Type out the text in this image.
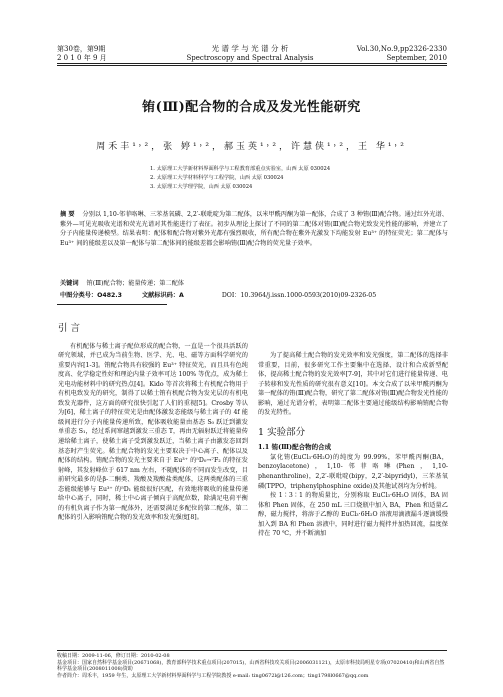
第30卷，第9期
2 0 1 0 年 9 月
光 谱 学 与 光 谱 分 析
Spectroscopy and Spectral Analysis
Vol.30,No.9,pp2326-2330
September, 2010
铕(Ⅲ)配合物的合成及发光性能研究
周禾丰¹˒²，张 婷¹˒²，郝玉英¹˒²，许慧侠¹˒²，王 华¹˒²
1. 太原理工大学新材料界面科学与工程教育部重点实验室，山西 太原 030024
2. 太原理工大学材料科学与工程学院，山西 太原 030024
3. 太原理工大学理学院，山西 太原 030024
摘 要 分别以 1,10-邻菲咯啉、三苯基氧磷、2,2′-联吡啶为第二配体，以米甲酰丙酮为第一配体，合成了 3 种铕(Ⅲ)配合物。通过红外光谱、紫外—可见光吸收光谱和荧光光谱对其性能进行了表征。初步从理论上探讨了不同的第二配体对铕(Ⅲ)配合物光致发光性能的影响，并建立了分子内能量传递模型。结果表明：配体和配合物对紫外光都有强烈吸收，所有配合物在紫外光激发下均能发射 Eu³⁺ 的特征荧光；第二配体与 Eu³⁺ 间的能级差以及第一配体与第二配体间的能级差都会影响铕(Ⅲ)配合物的荧光量子效率。
关键词 铕(Ⅲ)配合物；能量传递；第二配体
中图分类号：O482.3	文献标识码：A	DOI：10.3964/j.issn.1000-0593(2010)09-2326-05
引 言
有机配体与稀土离子配位形成的配合物，一直是一个很具活跃的研究领域，并已成为当前生物、医学、光、电、磁等方面科学研究的重要内容[1-3]。铕配合物具有较强的 Eu³⁺ 特征荧光，而且具有色纯度高、化学稳定性好和理论内量子效率可达 100% 等优点，成为稀土光电功能材料中的研究热点[4]。Kido 等首次将稀土有机配合物用于有机电致发光的研究，制得了以稀土铕有机配合物为发光层的有机电致发光器件，这方面的研究很快引起了人们的重视[5]。Crosby 等认为[6]，稀土离子的特征荧光是由配体激发态能级与稀土离子的 4f 能级间进行分子内能量传递所致，配体吸收能量由基态 S₀ 跃迁到激发单重态 S₁，经过系间窜越到激发三重态 T，再由无辐射跃迁将能量传递给稀土离子，使稀土离子受到激发跃迁，当稀土离子由激发态回到基态时产生荧光。稀土配合物的发光主要取决于中心离子、配体以及配体的结构。铕配合物的发光主要来自于 Eu³⁺ 的⁵D₀→⁷F₂ 的特征发射峰，其发射峰位于 617 nm 左右，不随配体的不同而发生改变，目前研究最多的是β-二酮类、羧酸及羧酸盐类配体，这两类配体的三重态能级能够与 Eu³⁺ 的⁵D₁ 能级很好匹配，有效地将吸收的能量传递给中心离子，同时，稀土中心离子倾向于高配位数，除满足电荷平衡的有机负离子作为第一配体外，还需要满足多配位的第二配体，第二配体的引入影响铕配合物的发光效率和发光强度[8]。
为了提高稀土配合物的发光效率和发光强度，第二配体的选择非常重要，目前，很多研究工作主要集中在选择、设计和合成新型配体，提高稀土配合物的发光效率[7-9]，其中对它们进行能量传递、电子转移和发光性质的研究很有意义[10]。本文合成了以米甲酰丙酮为第一配体的铕(Ⅲ)配合物，研究了第二配体对铕(Ⅲ)配合物发光性能的影响，通过光谱分析，表明第二配体主要通过能级结构影响铕配合物的发光特性。
1 实验部分
1.1 铕(Ⅲ)配合物的合成
氯化铕(EuCl₃·6H₂O)的纯度为 99.99%，苯甲酰丙酮(BA，benzoylacetone)，1,10-邻菲咯啉(Phen，1,10-phenanthroline)，2,2′-联吡啶(bipy，2,2′-bipyridyl)，三苯基氧磷(TPPO，triphenylphosphine oxide)及其他试剂均为分析纯。
按 1∶3∶1 的物质量比，分别称取 EuCl₃·6H₂O 固体，BA 固体和 Phen 固体，在 250 mL 三口烧瓶中加入 BA，Phen 和适量乙醇，磁力搅拌，将溶于乙醇的 EuCl₃·6H₂O 溶液用滴液漏斗逐滴缓慢加入到 BA 和 Phen 溶液中，同时进行磁力搅拌并加热回流，温度保持在 70 ℃，并不断滴加
收稿日期：2009-11-06，修订日期：2010-02-08
基金项目：国家自然科学基金项目(20671068)，教育部科学技术重点项目(207015)，山西省科技攻关项目(2006031121)，太原市科技局明星专项(07020410)和山西省自然科学基金项目(2008011008)资助
作者简介：周禾丰，1959 年生，太原理工大学新材料界面科学与工程学院教授 e-mail: ting0672l@126.com；ting1798l0667@qq.com
